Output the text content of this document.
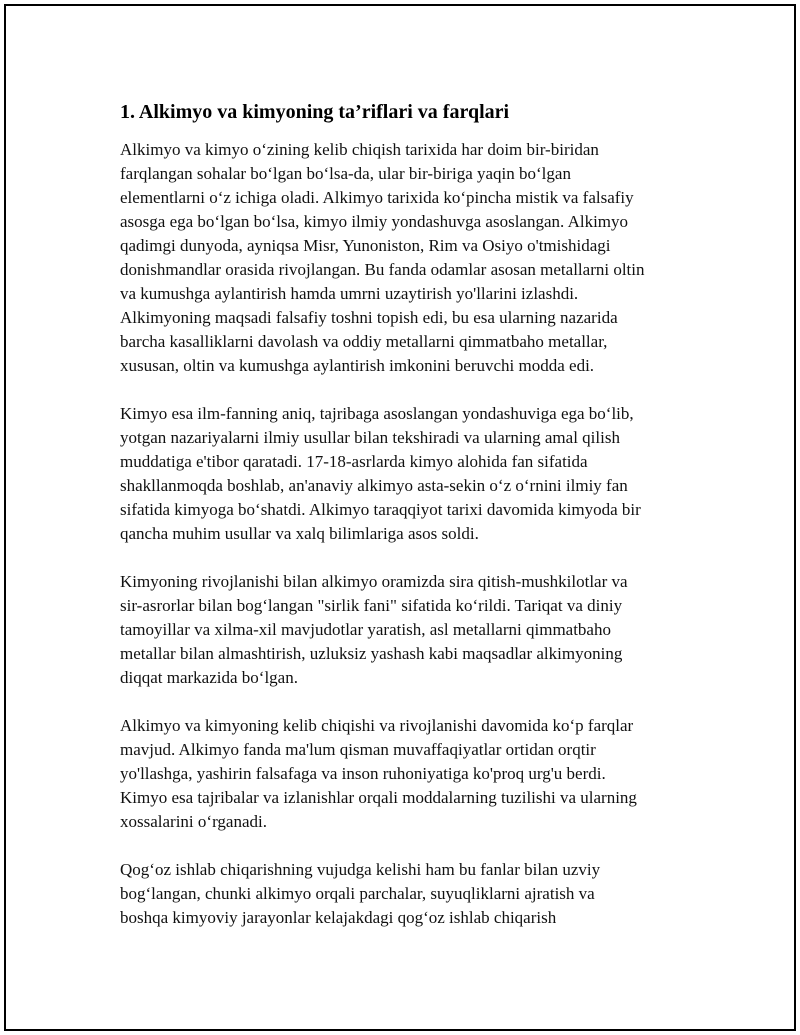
1. Alkimyo va kimyoning ta’riflari va farqlari

Alkimyo va kimyo o‘zining kelib chiqish tarixida har doim bir-biridan
farqlangan sohalar bo‘lgan bo‘lsa-da, ular bir-biriga yaqin bo‘lgan
elementlarni o‘z ichiga oladi. Alkimyo tarixida ko‘pincha mistik va falsafiy
asosga ega bo‘lgan bo‘lsa, kimyo ilmiy yondashuvga asoslangan. Alkimyo
qadimgi dunyoda, ayniqsa Misr, Yunoniston, Rim va Osiyo o'tmishidagi
donishmandlar orasida rivojlangan. Bu fanda odamlar asosan metallarni oltin
va kumushga aylantirish hamda umrni uzaytirish yo'llarini izlashdi.
Alkimyoning maqsadi falsafiy toshni topish edi, bu esa ularning nazarida
barcha kasalliklarni davolash va oddiy metallarni qimmatbaho metallar,
xususan, oltin va kumushga aylantirish imkonini beruvchi modda edi.

Kimyo esa ilm-fanning aniq, tajribaga asoslangan yondashuviga ega bo‘lib,
yotgan nazariyalarni ilmiy usullar bilan tekshiradi va ularning amal qilish
muddatiga e'tibor qaratadi. 17-18-asrlarda kimyo alohida fan sifatida
shakllanmoqda boshlab, an'anaviy alkimyo asta-sekin o‘z o‘rnini ilmiy fan
sifatida kimyoga bo‘shatdi. Alkimyo taraqqiyot tarixi davomida kimyoda bir
qancha muhim usullar va xalq bilimlariga asos soldi.

Kimyoning rivojlanishi bilan alkimyo oramizda sira qitish-mushkilotlar va
sir-asrorlar bilan bog‘langan "sirlik fani" sifatida ko‘rildi. Tariqat va diniy
tamoyillar va xilma-xil mavjudotlar yaratish, asl metallarni qimmatbaho
metallar bilan almashtirish, uzluksiz yashash kabi maqsadlar alkimyoning
diqqat markazida bo‘lgan.

Alkimyo va kimyoning kelib chiqishi va rivojlanishi davomida ko‘p farqlar
mavjud. Alkimyo fanda ma'lum qisman muvaffaqiyatlar ortidan orqtir
yo'llashga, yashirin falsafaga va inson ruhoniyatiga ko'proq urg'u berdi.
Kimyo esa tajribalar va izlanishlar orqali moddalarning tuzilishi va ularning
xossalarini o‘rganadi.

Qog‘oz ishlab chiqarishning vujudga kelishi ham bu fanlar bilan uzviy
bog‘langan, chunki alkimyo orqali parchalar, suyuqliklarni ajratish va
boshqa kimyoviy jarayonlar kelajakdagi qog‘oz ishlab chiqarish
